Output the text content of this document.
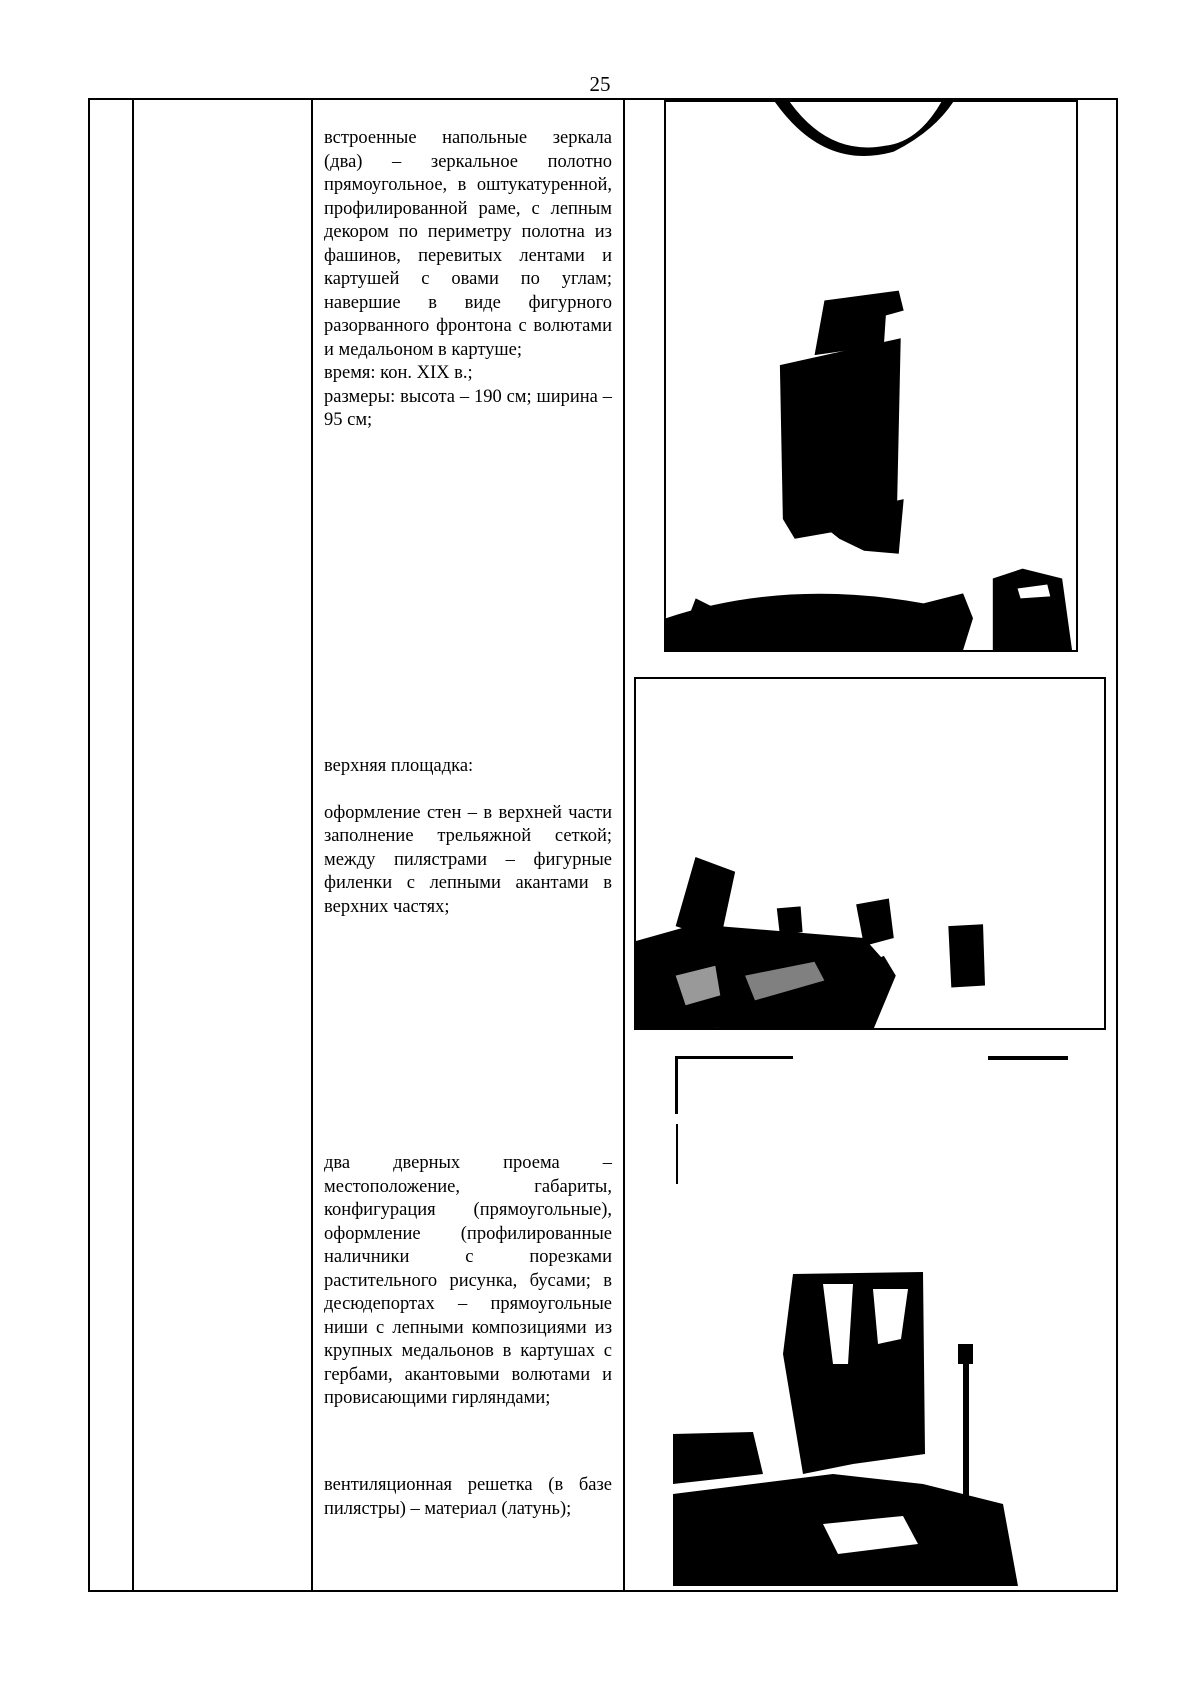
25

встроенные напольные зеркала (два) – зеркальное полотно прямоугольное, в оштукатуренной, профилированной раме, с лепным декором по периметру полотна из фашинов, перевитых лентами и картушей с овами по углам; навершие в виде фигурного разорванного фронтона с волютами и медальоном в картуше;

время: кон. XIX в.;

размеры: высота – 190 см; ширина – 95 см;

верхняя площадка:

оформление стен – в верхней части заполнение трельяжной сеткой; между пилястрами – фигурные филенки с лепными акантами в верхних частях;

два дверных проема – местоположение, габариты, конфигурация (прямоугольные), оформление (профилированные наличники с порезками растительного рисунка, бусами; в десюдепортах – прямоугольные ниши с лепными композициями из крупных медальонов в картушах с гербами, акантовыми волютами и провисающими гирляндами;

вентиляционная решетка (в базе пилястры) – материал (латунь);
